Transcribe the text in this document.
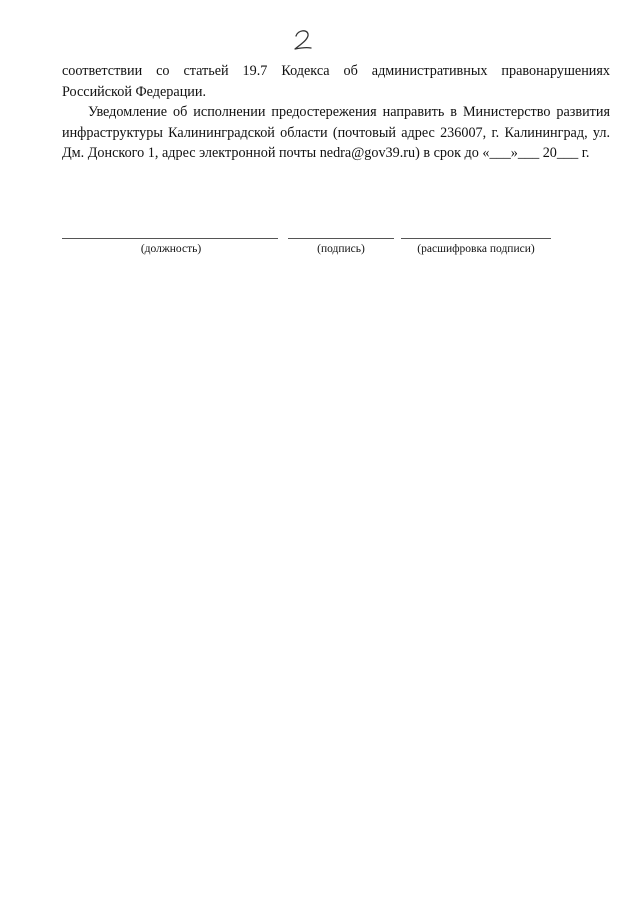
соответствии со статьей 19.7 Кодекса об административных правонарушениях Российской Федерации.

Уведомление об исполнении предостережения направить в Министерство развития инфраструктуры Калининградской области (почтовый адрес 236007, г. Калининград, ул. Дм. Донского 1, адрес электронной почты nedra@gov39.ru) в срок до «___»___ 20___ г.

(должность)	(подпись)	(расшифровка подписи)
